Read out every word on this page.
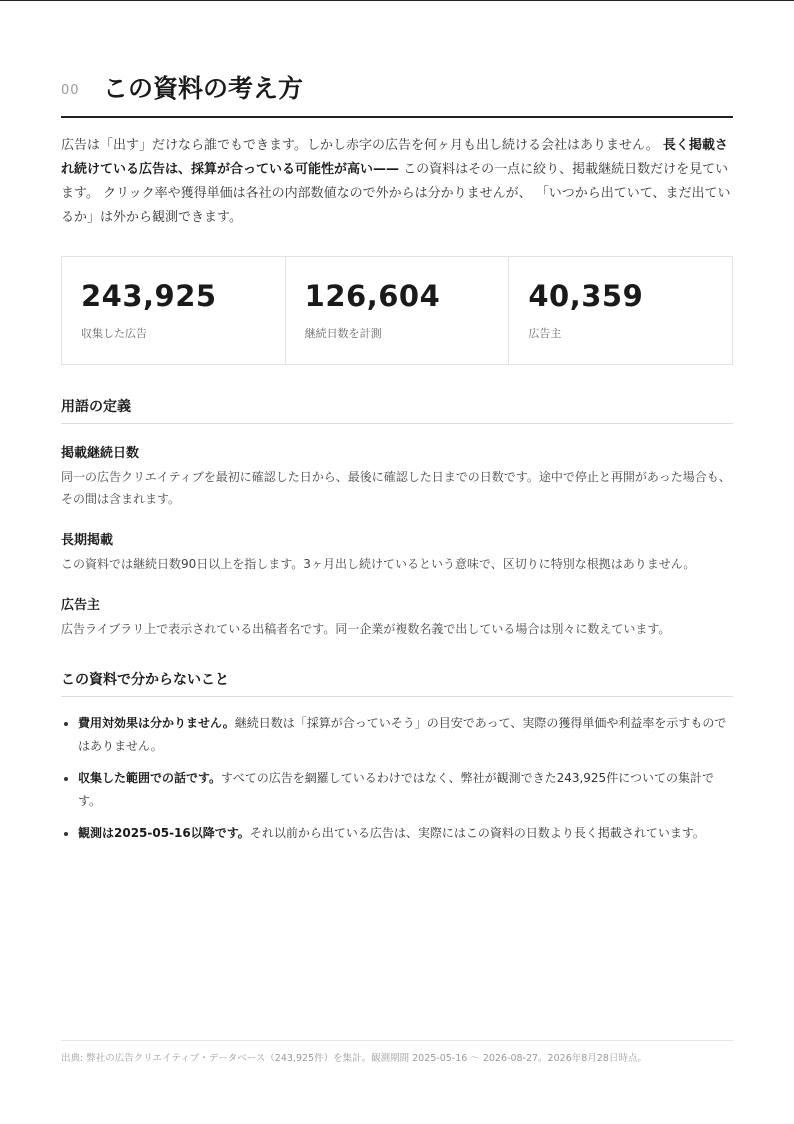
00 この資料の考え方

広告は「出す」だけなら誰でもできます。しかし赤字の広告を何ヶ月も出し続ける会社はありません。 長く掲載され続けている広告は、採算が合っている可能性が高い—— この資料はその一点に絞り、掲載継続日数だけを見ています。 クリック率や獲得単価は各社の内部数値なので外からは分かりませんが、 「いつから出ていて、まだ出ているか」は外から観測できます。

243,925
収集した広告
126,604
継続日数を計測
40,359
広告主
用語の定義
掲載継続日数
同一の広告クリエイティブを最初に確認した日から、最後に確認した日までの日数です。途中で停止と再開があった場合も、その間は含まれます。
長期掲載
この資料では継続日数90日以上を指します。3ヶ月出し続けているという意味で、区切りに特別な根拠はありません。
広告主
広告ライブラリ上で表示されている出稿者名です。同一企業が複数名義で出している場合は別々に数えています。
この資料で分からないこと
• 費用対効果は分かりません。継続日数は「採算が合っていそう」の目安であって、実際の獲得単価や利益率を示すものではありません。
• 収集した範囲での話です。すべての広告を網羅しているわけではなく、弊社が観測できた243,925件についての集計です。
• 観測は2025-05-16以降です。それ以前から出ている広告は、実際にはこの資料の日数より長く掲載されています。
出典: 弊社の広告クリエイティブ・データベース（243,925件）を集計。観測期間 2025-05-16 〜 2026-08-27。2026年8月28日時点。
